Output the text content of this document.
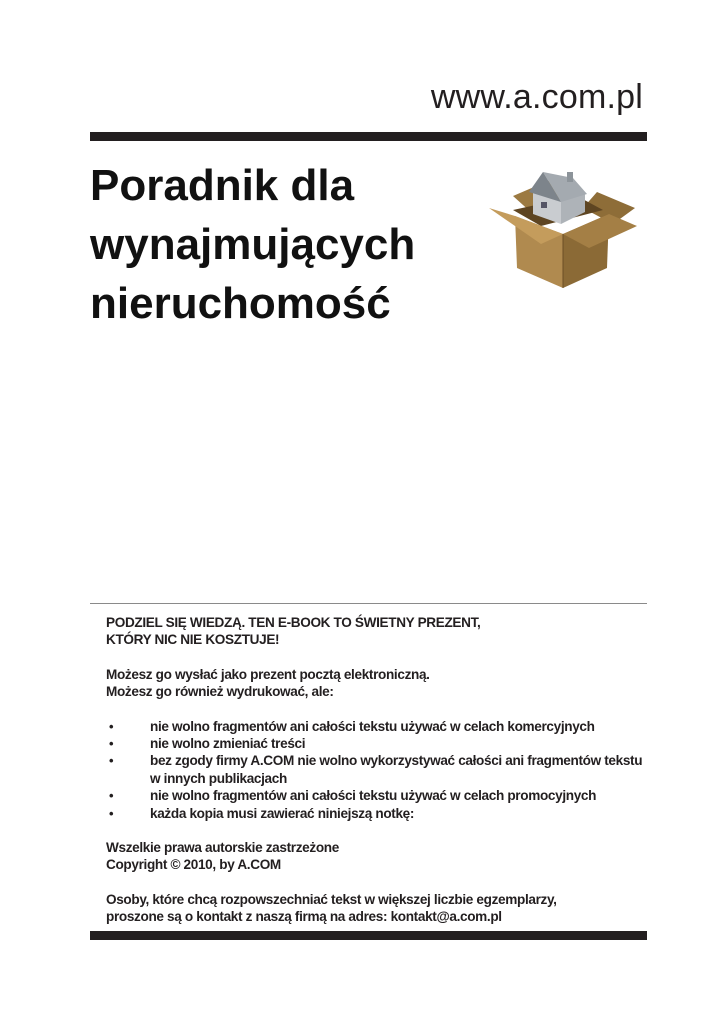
www.a.com.pl
Poradnik dla
wynajmujących
nieruchomość

PODZIEL SIĘ WIEDZĄ. TEN E-BOOK TO ŚWIETNY PREZENT,

KTÓRY NIC NIE KOSZTUJE!

Możesz go wysłać jako prezent pocztą elektroniczną.

Możesz go również wydrukować, ale:

•	nie wolno fragmentów ani całości tekstu używać w celach komercyjnych
•	nie wolno zmieniać treści
•	bez zgody firmy A.COM nie wolno wykorzystywać całości ani fragmentów tekstu w innych publikacjach
•	nie wolno fragmentów ani całości tekstu używać w celach promocyjnych
•	każda kopia musi zawierać niniejszą notkę:

Wszelkie prawa autorskie zastrzeżone

Copyright © 2010, by A.COM

Osoby, które chcą rozpowszechniać tekst w większej liczbie egzemplarzy,

proszone są o kontakt z naszą firmą na adres: kontakt@a.com.pl
